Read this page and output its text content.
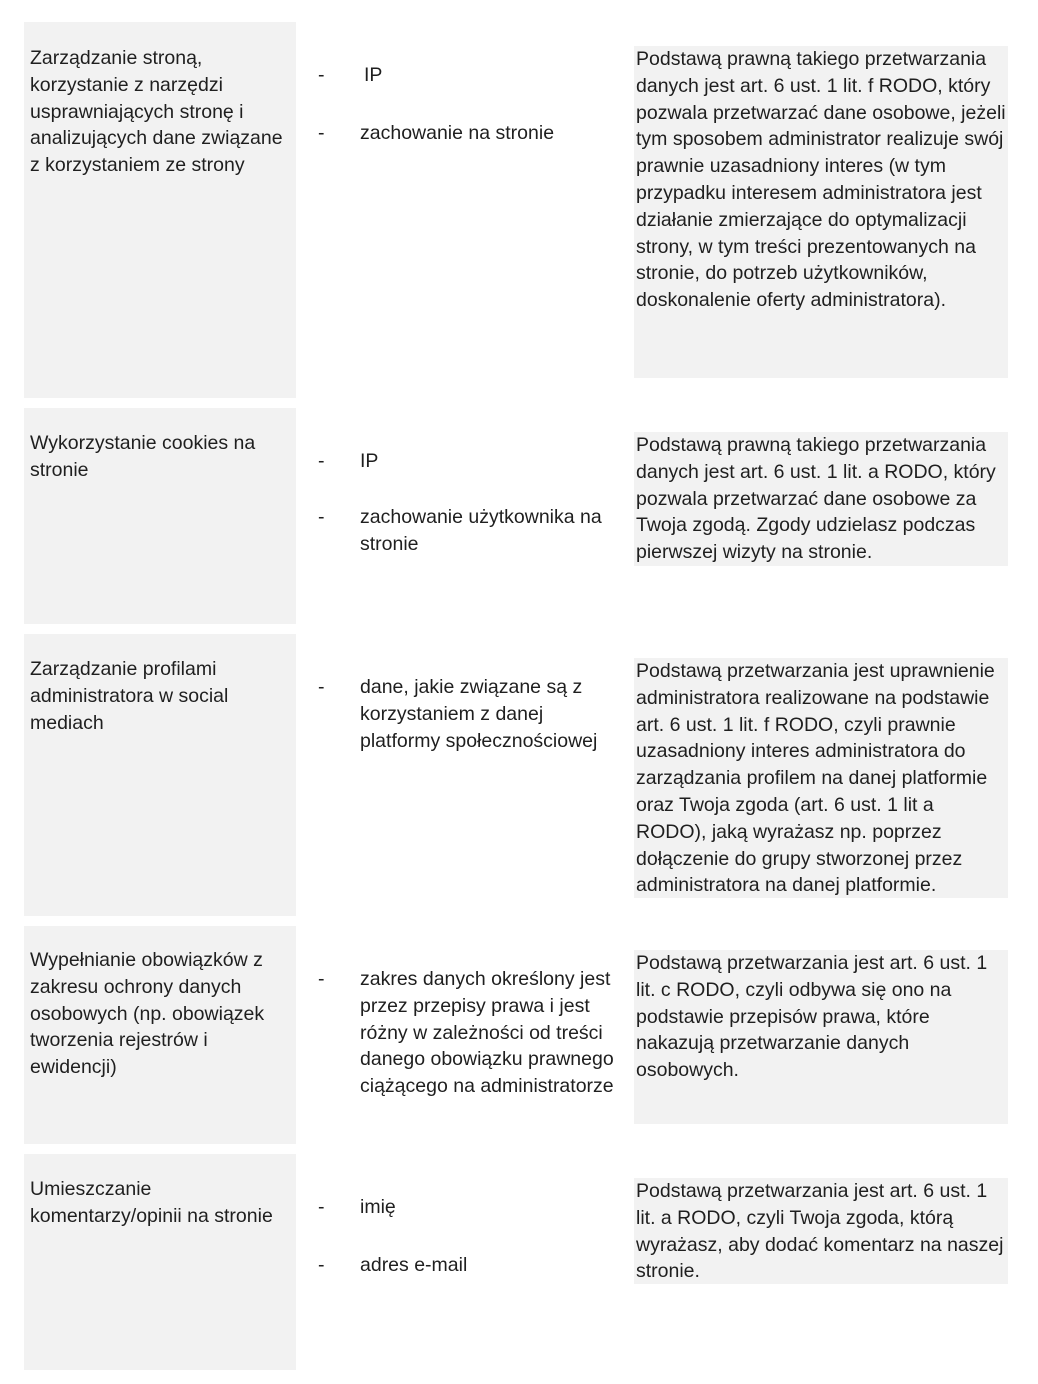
Zarządzanie stroną, korzystanie z narzędzi usprawniających stronę i analizujących dane związane z korzystaniem ze strony

- IP

- zachowanie na stronie

Podstawą prawną takiego przetwarzania danych jest art. 6 ust. 1 lit. f RODO, który pozwala przetwarzać dane osobowe, jeżeli tym sposobem administrator realizuje swój prawnie uzasadniony interes (w tym przypadku interesem administratora jest działanie zmierzające do optymalizacji strony, w tym treści prezentowanych na stronie, do potrzeb użytkowników, doskonalenie oferty administratora).

Wykorzystanie cookies na stronie	- IP

- zachowanie użytkownika na stronie

Podstawą prawną takiego przetwarzania danych jest art. 6 ust. 1 lit. a RODO, który pozwala przetwarzać dane osobowe za Twoja zgodą. Zgody udzielasz podczas pierwszej wizyty na stronie.

Zarządzanie profilami administratora w social mediach

- dane, jakie związane są z korzystaniem z danej platformy społecznościowej

Podstawą przetwarzania jest uprawnienie administratora realizowane na podstawie art. 6 ust. 1 lit. f RODO, czyli prawnie uzasadniony interes administratora do zarządzania profilem na danej platformie oraz Twoja zgoda (art. 6 ust. 1 lit a RODO), jaką wyrażasz np. poprzez dołączenie do grupy stworzonej przez administratora na danej platformie.

Wypełnianie obowiązków z zakresu ochrony danych osobowych (np. obowiązek tworzenia rejestrów i ewidencji)

- zakres danych określony jest przez przepisy prawa i jest różny w zależności od treści danego obowiązku prawnego ciążącego na administratorze

Podstawą przetwarzania jest art. 6 ust. 1 lit. c RODO, czyli odbywa się ono na podstawie przepisów prawa, które nakazują przetwarzanie danych osobowych.

Umieszczanie komentarzy/opinii na stronie	- imię

- adres e-mail

Podstawą przetwarzania jest art. 6 ust. 1 lit. a RODO, czyli Twoja zgoda, którą wyrażasz, aby dodać komentarz na naszej stronie.
